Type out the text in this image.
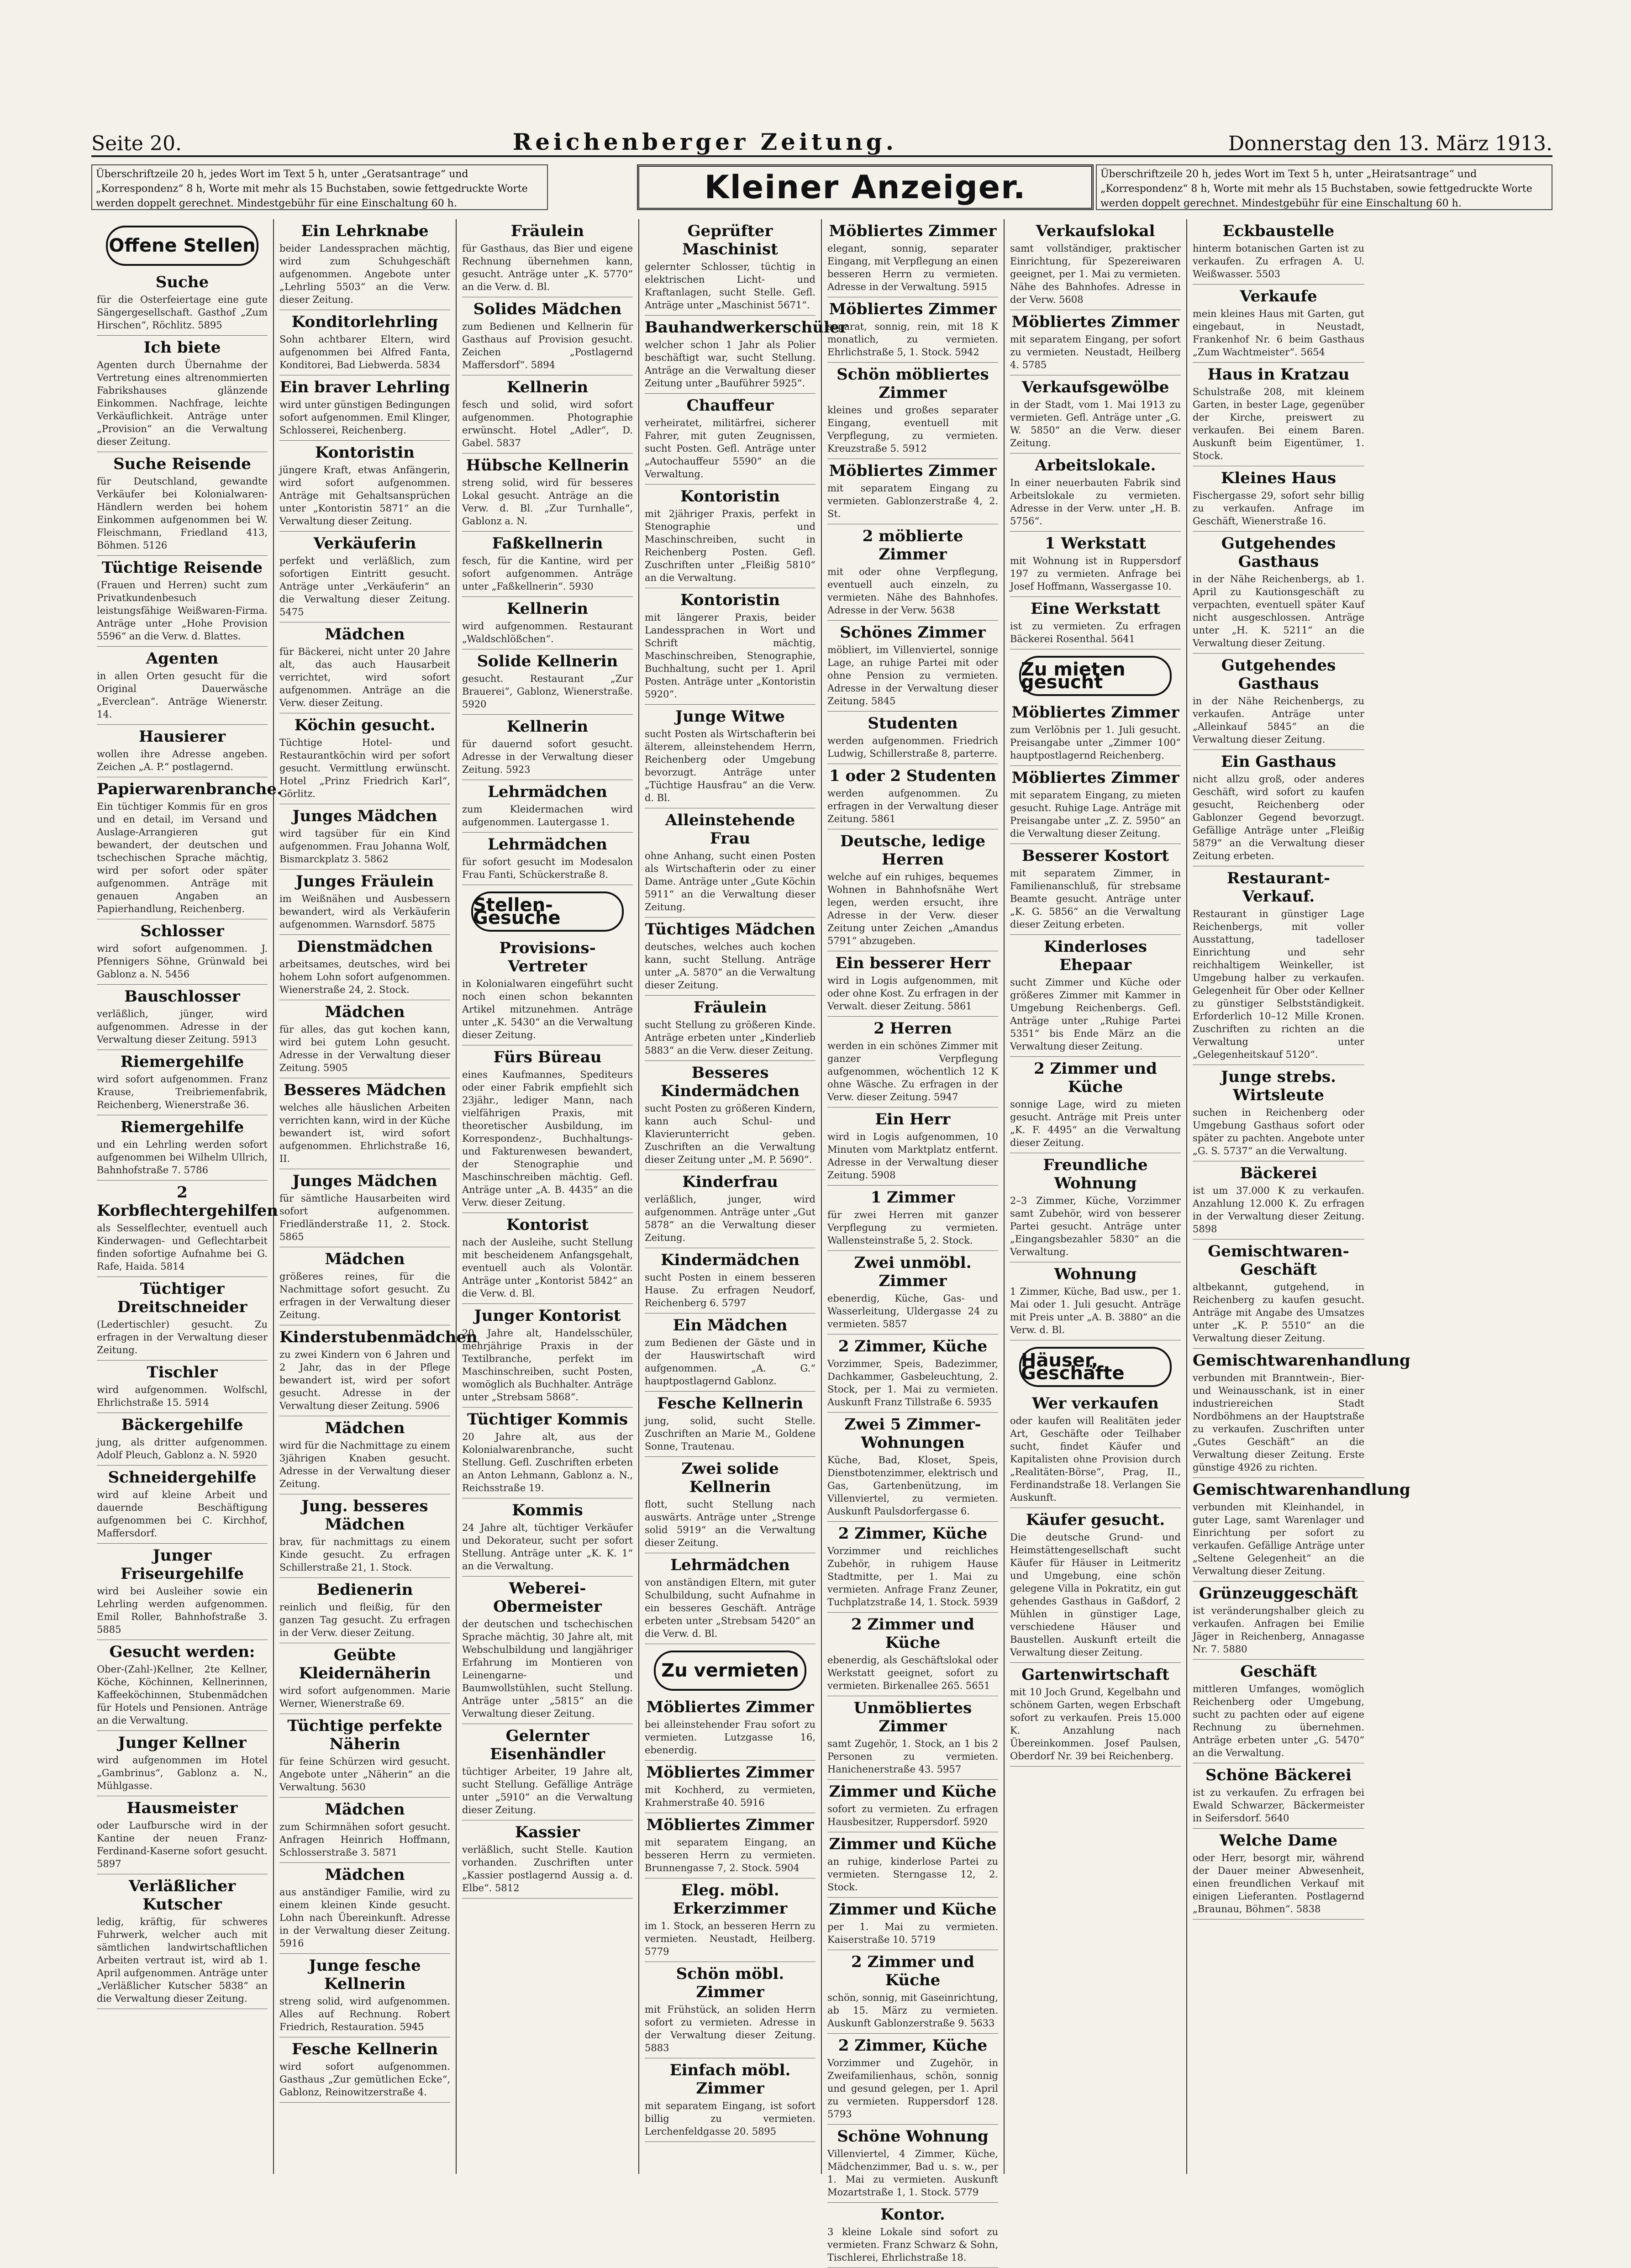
Seite 20.	Reichenberger Zeitung.	Donnerstag den 13. März 1913.
Überschriftzeile 20 h, jedes Wort im Text 5 h, unter „Geratsantrage“ und „Korrespondenz“ 8 h, Worte mit mehr als 15 Buchstaben, sowie fettgedruckte Worte werden doppelt gerechnet. Mindestgebühr für eine Einschaltung 60 h.	Kleiner Anzeiger.	Überschriftzeile 20 h, jedes Wort im Text 5 h, unter „Heiratsantrage“ und „Korrespondenz“ 8 h, Worte mit mehr als 15 Buchstaben, sowie fettgedruckte Worte werden doppelt gerechnet. Mindestgebühr für eine Einschaltung 60 h.
Offene Stellen
Suche

für die Osterfeiertage eine gute Sängergesellschaft. Gasthof „Zum Hirschen“, Röchlitz. 5895

Ich biete

Agenten durch Übernahme der Vertretung eines altrenommierten Fabrikshauses glänzende Einkommen. Nachfrage, leichte Verkäuflichkeit. Anträge unter „Provision“ an die Verwaltung dieser Zeitung.

Suche Reisende

für Deutschland, gewandte Verkäufer bei Kolonialwaren-Händlern werden bei hohem Einkommen aufgenommen bei W. Fleischmann, Friedland 413, Böhmen. 5126

Tüchtige Reisende

(Frauen und Herren) sucht zum Privatkundenbesuch leistungsfähige Weißwaren-Firma. Anträge unter „Hohe Provision 5596“ an die Verw. d. Blattes.

Agenten

in allen Orten gesucht für die Original Dauerwäsche „Everclean“. Anträge Wienerstr. 14.

Hausierer

wollen ihre Adresse angeben. Zeichen „A. P.“ postlagernd.

Papierwarenbranche.

Ein tüchtiger Kommis für en gros und en detail, im Versand und Auslage-Arrangieren gut bewandert, der deutschen und tschechischen Sprache mächtig, wird per sofort oder später aufgenommen. Anträge mit genauen Angaben an Papierhandlung, Reichenberg.

Schlosser

wird sofort aufgenommen. J. Pfennigers Söhne, Grünwald bei Gablonz a. N. 5456

Bauschlosser

verläßlich, jünger, wird aufgenommen. Adresse in der Verwaltung dieser Zeitung. 5913

Riemergehilfe

wird sofort aufgenommen. Franz Krause, Treibriemenfabrik, Reichenberg, Wienerstraße 36.

Riemergehilfe

und ein Lehrling werden sofort aufgenommen bei Wilhelm Ullrich, Bahnhofstraße 7. 5786

2 Korbflechtergehilfen

als Sesselflechter, eventuell auch Kinderwagen- und Geflechtarbeit finden sofortige Aufnahme bei G. Rafe, Haida. 5814

Tüchtiger Dreitschneider

(Ledertischler) gesucht. Zu erfragen in der Verwaltung dieser Zeitung.

Tischler

wird aufgenommen. Wolfschl, Ehrlichstraße 15. 5914

Bäckergehilfe

jung, als dritter aufgenommen. Adolf Pleuch, Gablonz a. N. 5920

Schneidergehilfe

wird auf kleine Arbeit und dauernde Beschäftigung aufgenommen bei C. Kirchhof, Maffersdorf.

Junger Friseurgehilfe

wird bei Ausleiher sowie ein Lehrling werden aufgenommen. Emil Roller, Bahnhofstraße 3. 5885

Gesucht werden:

Ober-(Zahl-)Kellner, 2te Kellner, Köche, Köchinnen, Kellnerinnen, Kaffeeköchinnen, Stubenmädchen für Hotels und Pensionen. Anträge an die Verwaltung.

Junger Kellner

wird aufgenommen im Hotel „Gambrinus“, Gablonz a. N., Mühlgasse.

Hausmeister

oder Laufbursche wird in der Kantine der neuen Franz-Ferdinand-Kaserne sofort gesucht. 5897

Verläßlicher Kutscher

ledig, kräftig, für schweres Fuhrwerk, welcher auch mit sämtlichen landwirtschaftlichen Arbeiten vertraut ist, wird ab 1. April aufgenommen. Anträge unter „Verläßlicher Kutscher 5838“ an die Verwaltung dieser Zeitung.

Ein Lehrknabe

beider Landessprachen mächtig, wird zum Schuhgeschäft aufgenommen. Angebote unter „Lehrling 5503“ an die Verw. dieser Zeitung.

Konditorlehrling

Sohn achtbarer Eltern, wird aufgenommen bei Alfred Fanta, Konditorei, Bad Liebwerda. 5834

Ein braver Lehrling

wird unter günstigen Bedingungen sofort aufgenommen. Emil Klinger, Schlosserei, Reichenberg.

Kontoristin

jüngere Kraft, etwas Anfängerin, wird sofort aufgenommen. Anträge mit Gehaltsansprüchen unter „Kontoristin 5871“ an die Verwaltung dieser Zeitung.

Verkäuferin

perfekt und verläßlich, zum sofortigen Eintritt gesucht. Anträge unter „Verkäuferin“ an die Verwaltung dieser Zeitung. 5475

Mädchen

für Bäckerei, nicht unter 20 Jahre alt, das auch Hausarbeit verrichtet, wird sofort aufgenommen. Anträge an die Verw. dieser Zeitung.

Köchin gesucht.

Tüchtige Hotel- und Restaurantköchin wird per sofort gesucht. Vermittlung erwünscht. Hotel „Prinz Friedrich Karl“, Görlitz.

Junges Mädchen

wird tagsüber für ein Kind aufgenommen. Frau Johanna Wolf, Bismarckplatz 3. 5862

Junges Fräulein

im Weißnähen und Ausbessern bewandert, wird als Verkäuferin aufgenommen. Warnsdorf. 5875

Dienstmädchen

arbeitsames, deutsches, wird bei hohem Lohn sofort aufgenommen. Wienerstraße 24, 2. Stock.

Mädchen

für alles, das gut kochen kann, wird bei gutem Lohn gesucht. Adresse in der Verwaltung dieser Zeitung. 5905

Besseres Mädchen

welches alle häuslichen Arbeiten verrichten kann, wird in der Küche bewandert ist, wird sofort aufgenommen. Ehrlichstraße 16, II.

Junges Mädchen

für sämtliche Hausarbeiten wird sofort aufgenommen. Friedländerstraße 11, 2. Stock. 5865

Mädchen

größeres reines, für die Nachmittage sofort gesucht. Zu erfragen in der Verwaltung dieser Zeitung.

Kinderstubenmädchen

zu zwei Kindern von 6 Jahren und 2 Jahr, das in der Pflege bewandert ist, wird per sofort gesucht. Adresse in der Verwaltung dieser Zeitung. 5906

Mädchen

wird für die Nachmittage zu einem 3jährigen Knaben gesucht. Adresse in der Verwaltung dieser Zeitung.

Jung. besseres Mädchen

brav, für nachmittags zu einem Kinde gesucht. Zu erfragen Schillerstraße 21, 1. Stock.

Bedienerin

reinlich und fleißig, für den ganzen Tag gesucht. Zu erfragen in der Verw. dieser Zeitung.

Geübte Kleidernäherin

wird sofort aufgenommen. Marie Werner, Wienerstraße 69.

Tüchtige perfekte Näherin

für feine Schürzen wird gesucht. Angebote unter „Näherin“ an die Verwaltung. 5630

Mädchen

zum Schirmnähen sofort gesucht. Anfragen Heinrich Hoffmann, Schlosserstraße 3. 5871

Mädchen

aus anständiger Familie, wird zu einem kleinen Kinde gesucht. Lohn nach Übereinkunft. Adresse in der Verwaltung dieser Zeitung. 5916

Junge fesche Kellnerin

streng solid, wird aufgenommen. Alles auf Rechnung. Robert Friedrich, Restauration. 5945

Fesche Kellnerin

wird sofort aufgenommen. Gasthaus „Zur gemütlichen Ecke“, Gablonz, Reinowitzerstraße 4.

Fräulein

für Gasthaus, das Bier und eigene Rechnung übernehmen kann, gesucht. Anträge unter „K. 5770“ an die Verw. d. Bl.

Solides Mädchen

zum Bedienen und Kellnerin für Gasthaus auf Provision gesucht. Zeichen „Postlagernd Maffersdorf“. 5894

Kellnerin

fesch und solid, wird sofort aufgenommen. Photographie erwünscht. Hotel „Adler“, D. Gabel. 5837

Hübsche Kellnerin

streng solid, wird für besseres Lokal gesucht. Anträge an die Verw. d. Bl. „Zur Turnhalle“, Gablonz a. N.

Faßkellnerin

fesch, für die Kantine, wird per sofort aufgenommen. Anträge unter „Faßkellnerin“. 5930

Kellnerin

wird aufgenommen. Restaurant „Waldschlößchen“.

Solide Kellnerin

gesucht. Restaurant „Zur Brauerei“, Gablonz, Wienerstraße. 5920

Kellnerin

für dauernd sofort gesucht. Adresse in der Verwaltung dieser Zeitung. 5923

Lehrmädchen

zum Kleidermachen wird aufgenommen. Lautergasse 1.

Lehrmädchen

für sofort gesucht im Modesalon Frau Fanti, Schückerstraße 8.

Stellen-Gesuche
Provisions-Vertreter

in Kolonialwaren eingeführt sucht noch einen schon bekannten Artikel mitzunehmen. Anträge unter „K. 5430“ an die Verwaltung dieser Zeitung.

Fürs Büreau

eines Kaufmannes, Spediteurs oder einer Fabrik empfiehlt sich 23jähr., lediger Mann, nach vielfährigen Praxis, mit theoretischer Ausbildung, im Korrespondenz-, Buchhaltungs- und Fakturenwesen bewandert, der Stenographie und Maschinschreiben mächtig. Gefl. Anträge unter „A. B. 4435“ an die Verw. dieser Zeitung.

Kontorist

nach der Ausleihe, sucht Stellung mit bescheidenem Anfangsgehalt, eventuell auch als Volontär. Anträge unter „Kontorist 5842“ an die Verw. d. Bl.

Junger Kontorist

20 Jahre alt, Handelsschüler, mehrjährige Praxis in der Textilbranche, perfekt im Maschinschreiben, sucht Posten, womöglich als Buchhalter. Anträge unter „Strebsam 5868“.

Tüchtiger Kommis

20 Jahre alt, aus der Kolonialwarenbranche, sucht Stellung. Gefl. Zuschriften erbeten an Anton Lehmann, Gablonz a. N., Reichsstraße 19.

Kommis

24 Jahre alt, tüchtiger Verkäufer und Dekorateur, sucht per sofort Stellung. Anträge unter „K. K. 1“ an die Verwaltung.

Weberei-Obermeister

der deutschen und tschechischen Sprache mächtig, 30 Jahre alt, mit Webschulbildung und langjähriger Erfahrung im Montieren von Leinengarne- und Baumwollstühlen, sucht Stellung. Anträge unter „5815“ an die Verwaltung dieser Zeitung.

Gelernter Eisenhändler

tüchtiger Arbeiter, 19 Jahre alt, sucht Stellung. Gefällige Anträge unter „5910“ an die Verwaltung dieser Zeitung.

Kassier

verläßlich, sucht Stelle. Kaution vorhanden. Zuschriften unter „Kassier postlagernd Aussig a. d. Elbe“. 5812

Geprüfter Maschinist

gelernter Schlosser, tüchtig in elektrischen Licht- und Kraftanlagen, sucht Stelle. Gefl. Anträge unter „Maschinist 5671“.

Bauhandwerkerschüler

welcher schon 1 Jahr als Polier beschäftigt war, sucht Stellung. Anträge an die Verwaltung dieser Zeitung unter „Bauführer 5925“.

Chauffeur

verheiratet, militärfrei, sicherer Fahrer, mit guten Zeugnissen, sucht Posten. Gefl. Anträge unter „Autochauffeur 5590“ an die Verwaltung.

Kontoristin

mit 2jähriger Praxis, perfekt in Stenographie und Maschinschreiben, sucht in Reichenberg Posten. Gefl. Zuschriften unter „Fleißig 5810“ an die Verwaltung.

Kontoristin

mit längerer Praxis, beider Landessprachen in Wort und Schrift mächtig, Maschinschreiben, Stenographie, Buchhaltung, sucht per 1. April Posten. Anträge unter „Kontoristin 5920“.

Junge Witwe

sucht Posten als Wirtschafterin bei älterem, alleinstehendem Herrn, Reichenberg oder Umgebung bevorzugt. Anträge unter „Tüchtige Hausfrau“ an die Verw. d. Bl.

Alleinstehende Frau

ohne Anhang, sucht einen Posten als Wirtschafterin oder zu einer Dame. Anträge unter „Gute Köchin 5911“ an die Verwaltung dieser Zeitung.

Tüchtiges Mädchen

deutsches, welches auch kochen kann, sucht Stellung. Anträge unter „A. 5870“ an die Verwaltung dieser Zeitung.

Fräulein

sucht Stellung zu größeren Kinde. Anträge erbeten unter „Kinderlieb 5883“ an die Verw. dieser Zeitung.

Besseres Kindermädchen

sucht Posten zu größeren Kindern, kann auch Schul- und Klavierunterricht geben. Zuschriften an die Verwaltung dieser Zeitung unter „M. P. 5690“.

Kinderfrau

verläßlich, junger, wird aufgenommen. Anträge unter „Gut 5878“ an die Verwaltung dieser Zeitung.

Kindermädchen

sucht Posten in einem besseren Hause. Zu erfragen Neudorf, Reichenberg 6. 5797

Ein Mädchen

zum Bedienen der Gäste und in der Hauswirtschaft wird aufgenommen. „A. G.“ hauptpostlagernd Gablonz.

Fesche Kellnerin

jung, solid, sucht Stelle. Zuschriften an Marie M., Goldene Sonne, Trautenau.

Zwei solide Kellnerin

flott, sucht Stellung nach auswärts. Anträge unter „Strenge solid 5919“ an die Verwaltung dieser Zeitung.

Lehrmädchen

von anständigen Eltern, mit guter Schulbildung, sucht Aufnahme in ein besseres Geschäft. Anträge erbeten unter „Strebsam 5420“ an die Verw. d. Bl.

Zu vermieten
Möbliertes Zimmer

bei alleinstehender Frau sofort zu vermieten. Lutzgasse 16, ebenerdig.

Möbliertes Zimmer

mit Kochherd, zu vermieten, Krahmerstraße 40. 5916

Möbliertes Zimmer

mit separatem Eingang, an besseren Herrn zu vermieten. Brunnengasse 7, 2. Stock. 5904

Eleg. möbl. Erkerzimmer

im 1. Stock, an besseren Herrn zu vermieten. Neustadt, Heilberg. 5779

Schön möbl. Zimmer

mit Frühstück, an soliden Herrn sofort zu vermieten. Adresse in der Verwaltung dieser Zeitung. 5883

Einfach möbl. Zimmer

mit separatem Eingang, ist sofort billig zu vermieten. Lerchenfeldgasse 20. 5895

Möbliertes Zimmer

elegant, sonnig, separater Eingang, mit Verpflegung an einen besseren Herrn zu vermieten. Adresse in der Verwaltung. 5915

Möbliertes Zimmer

separat, sonnig, rein, mit 18 K monatlich, zu vermieten. Ehrlichstraße 5, 1. Stock. 5942

Schön möbliertes Zimmer

kleines und großes separater Eingang, eventuell mit Verpflegung, zu vermieten. Kreuzstraße 5. 5912

Möbliertes Zimmer

mit separatem Eingang zu vermieten. Gablonzerstraße 4, 2. St.

2 möblierte Zimmer

mit oder ohne Verpflegung, eventuell auch einzeln, zu vermieten. Nähe des Bahnhofes. Adresse in der Verw. 5638

Schönes Zimmer

möbliert, im Villenviertel, sonnige Lage, an ruhige Partei mit oder ohne Pension zu vermieten. Adresse in der Verwaltung dieser Zeitung. 5845

Studenten

werden aufgenommen. Friedrich Ludwig, Schillerstraße 8, parterre.

1 oder 2 Studenten

werden aufgenommen. Zu erfragen in der Verwaltung dieser Zeitung. 5861

Deutsche, ledige Herren

welche auf ein ruhiges, bequemes Wohnen in Bahnhofsnähe Wert legen, werden ersucht, ihre Adresse in der Verw. dieser Zeitung unter Zeichen „Amandus 5791“ abzugeben.

Ein besserer Herr

wird in Logis aufgenommen, mit oder ohne Kost. Zu erfragen in der Verwalt. dieser Zeitung. 5861

2 Herren

werden in ein schönes Zimmer mit ganzer Verpflegung aufgenommen, wöchentlich 12 K ohne Wäsche. Zu erfragen in der Verw. dieser Zeitung. 5947

Ein Herr

wird in Logis aufgenommen, 10 Minuten vom Marktplatz entfernt. Adresse in der Verwaltung dieser Zeitung. 5908

1 Zimmer

für zwei Herren mit ganzer Verpflegung zu vermieten. Wallensteinstraße 5, 2. Stock.

Zwei unmöbl. Zimmer

ebenerdig, Küche, Gas- und Wasserleitung, Uldergasse 24 zu vermieten. 5857

2 Zimmer, Küche

Vorzimmer, Speis, Badezimmer, Dachkammer, Gasbeleuchtung, 2. Stock, per 1. Mai zu vermieten. Auskunft Franz Tillstraße 6. 5935

Zwei 5 Zimmer-Wohnungen

Küche, Bad, Kloset, Speis, Dienstbotenzimmer, elektrisch und Gas, Gartenbenützung, im Villenviertel, zu vermieten. Auskunft Paulsdorfergasse 6.

2 Zimmer, Küche

Vorzimmer und reichliches Zubehör, in ruhigem Hause Stadtmitte, per 1. Mai zu vermieten. Anfrage Franz Zeuner, Tuchplatzstraße 14, 1. Stock. 5939

2 Zimmer und Küche

ebenerdig, als Geschäftslokal oder Werkstatt geeignet, sofort zu vermieten. Birkenallee 265. 5651

Unmöbliertes Zimmer

samt Zugehör, 1. Stock, an 1 bis 2 Personen zu vermieten. Hanichenerstraße 43. 5957

Zimmer und Küche

sofort zu vermieten. Zu erfragen Hausbesitzer, Ruppersdorf. 5920

Zimmer und Küche

an ruhige, kinderlose Partei zu vermieten. Sterngasse 12, 2. Stock.

Zimmer und Küche

per 1. Mai zu vermieten. Kaiserstraße 10. 5719

2 Zimmer und Küche

schön, sonnig, mit Gaseinrichtung, ab 15. März zu vermieten. Auskunft Gablonzerstraße 9. 5633

2 Zimmer, Küche

Vorzimmer und Zugehör, in Zweifamilienhaus, schön, sonnig und gesund gelegen, per 1. April zu vermieten. Ruppersdorf 128. 5793

Schöne Wohnung

Villenviertel, 4 Zimmer, Küche, Mädchenzimmer, Bad u. s. w., per 1. Mai zu vermieten. Auskunft Mozartstraße 1, 1. Stock. 5779

Kontor.

3 kleine Lokale sind sofort zu vermieten. Franz Schwarz & Sohn, Tischlerei, Ehrlichstraße 18.

Verkaufslokal

samt vollständiger, praktischer Einrichtung, für Spezereiwaren geeignet, per 1. Mai zu vermieten. Nähe des Bahnhofes. Adresse in der Verw. 5608

Möbliertes Zimmer

mit separatem Eingang, per sofort zu vermieten. Neustadt, Heilberg 4. 5785

Verkaufsgewölbe

in der Stadt, vom 1. Mai 1913 zu vermieten. Gefl. Anträge unter „G. W. 5850“ an die Verw. dieser Zeitung.

Arbeitslokale.

In einer neuerbauten Fabrik sind Arbeitslokale zu vermieten. Adresse in der Verw. unter „H. B. 5756“.

1 Werkstatt

mit Wohnung ist in Ruppersdorf 197 zu vermieten. Anfrage bei Josef Hoffmann, Wassergasse 10.

Eine Werkstatt

ist zu vermieten. Zu erfragen Bäckerei Rosenthal. 5641

Zu mieten gesucht
Möbliertes Zimmer

zum Verlöbnis per 1. Juli gesucht. Preisangabe unter „Zimmer 100“ hauptpostlagernd Reichenberg.

Möbliertes Zimmer

mit separatem Eingang, zu mieten gesucht. Ruhige Lage. Anträge mit Preisangabe unter „Z. Z. 5950“ an die Verwaltung dieser Zeitung.

Besserer Kostort

mit separatem Zimmer, in Familienanschluß, für strebsame Beamte gesucht. Anträge unter „K. G. 5856“ an die Verwaltung dieser Zeitung erbeten.

Kinderloses Ehepaar

sucht Zimmer und Küche oder größeres Zimmer mit Kammer in Umgebung Reichenbergs. Gefl. Anträge unter „Ruhige Partei 5351“ bis Ende März an die Verwaltung dieser Zeitung.

2 Zimmer und Küche

sonnige Lage, wird zu mieten gesucht. Anträge mit Preis unter „K. F. 4495“ an die Verwaltung dieser Zeitung.

Freundliche Wohnung

2–3 Zimmer, Küche, Vorzimmer samt Zubehör, wird von besserer Partei gesucht. Anträge unter „Eingangsbezahler 5830“ an die Verwaltung.

Wohnung

1 Zimmer, Küche, Bad usw., per 1. Mai oder 1. Juli gesucht. Anträge mit Preis unter „A. B. 3880“ an die Verw. d. Bl.

Häuser, Geschäfte
Wer verkaufen

oder kaufen will Realitäten jeder Art, Geschäfte oder Teilhaber sucht, findet Käufer und Kapitalisten ohne Provision durch „Realitäten-Börse“, Prag, II., Ferdinandstraße 18. Verlangen Sie Auskunft.

Käufer gesucht.

Die deutsche Grund- und Heimstättengesellschaft sucht Käufer für Häuser in Leitmeritz und Umgebung, eine schön gelegene Villa in Pokratitz, ein gut gehendes Gasthaus in Gaßdorf, 2 Mühlen in günstiger Lage, verschiedene Häuser und Baustellen. Auskunft erteilt die Verwaltung dieser Zeitung.

Gartenwirtschaft

mit 10 Joch Grund, Kegelbahn und schönem Garten, wegen Erbschaft sofort zu verkaufen. Preis 15.000 K. Anzahlung nach Übereinkommen. Josef Paulsen, Oberdorf Nr. 39 bei Reichenberg.

Eckbaustelle

hinterm botanischen Garten ist zu verkaufen. Zu erfragen A. U. Weißwasser. 5503

Verkaufe

mein kleines Haus mit Garten, gut eingebaut, in Neustadt, Frankenhof Nr. 6 beim Gasthaus „Zum Wachtmeister“. 5654

Haus in Kratzau

Schulstraße 208, mit kleinem Garten, in bester Lage, gegenüber der Kirche, preiswert zu verkaufen. Bei einem Baren. Auskunft beim Eigentümer, 1. Stock.

Kleines Haus

Fischergasse 29, sofort sehr billig zu verkaufen. Anfrage im Geschäft, Wienerstraße 16.

Gutgehendes Gasthaus

in der Nähe Reichenbergs, ab 1. April zu Kautionsgeschäft zu verpachten, eventuell später Kauf nicht ausgeschlossen. Anträge unter „H. K. 5211“ an die Verwaltung dieser Zeitung.

Gutgehendes Gasthaus

in der Nähe Reichenbergs, zu verkaufen. Anträge unter „Alleinkauf 5845“ an die Verwaltung dieser Zeitung.

Ein Gasthaus

nicht allzu groß, oder anderes Geschäft, wird sofort zu kaufen gesucht, Reichenberg oder Gablonzer Gegend bevorzugt. Gefällige Anträge unter „Fleißig 5879“ an die Verwaltung dieser Zeitung erbeten.

Restaurant-Verkauf.

Restaurant in günstiger Lage Reichenbergs, mit voller Ausstattung, tadelloser Einrichtung und sehr reichhaltigem Weinkeller, ist Umgebung halber zu verkaufen. Gelegenheit für Ober oder Kellner zu günstiger Selbstständigkeit. Erforderlich 10–12 Mille Kronen. Zuschriften zu richten an die Verwaltung unter „Gelegenheitskauf 5120“.

Junge strebs. Wirtsleute

suchen in Reichenberg oder Umgebung Gasthaus sofort oder später zu pachten. Angebote unter „G. S. 5737“ an die Verwaltung.

Bäckerei

ist um 37.000 K zu verkaufen. Anzahlung 12.000 K. Zu erfragen in der Verwaltung dieser Zeitung. 5898

Gemischtwaren-Geschäft

altbekannt, gutgehend, in Reichenberg zu kaufen gesucht. Anträge mit Angabe des Umsatzes unter „K. P. 5510“ an die Verwaltung dieser Zeitung.

Gemischtwarenhandlung

verbunden mit Branntwein-, Bier- und Weinausschank, ist in einer industriereichen Stadt Nordböhmens an der Hauptstraße zu verkaufen. Zuschriften unter „Gutes Geschäft“ an die Verwaltung dieser Zeitung. Erste günstige 4926 zu richten.

Gemischtwarenhandlung

verbunden mit Kleinhandel, in guter Lage, samt Warenlager und Einrichtung per sofort zu verkaufen. Gefällige Anträge unter „Seltene Gelegenheit“ an die Verwaltung dieser Zeitung.

Grünzeuggeschäft

ist veränderungshalber gleich zu verkaufen. Anfragen bei Emilie Jäger in Reichenberg, Annagasse Nr. 7. 5880

Geschäft

mittleren Umfanges, womöglich Reichenberg oder Umgebung, sucht zu pachten oder auf eigene Rechnung zu übernehmen. Anträge erbeten unter „G. 5470“ an die Verwaltung.

Schöne Bäckerei

ist zu verkaufen. Zu erfragen bei Ewald Schwarzer, Bäckermeister in Seifersdorf. 5640

Welche Dame

oder Herr, besorgt mir, während der Dauer meiner Abwesenheit, einen freundlichen Verkauf mit einigen Lieferanten. Postlagernd „Braunau, Böhmen“. 5838
